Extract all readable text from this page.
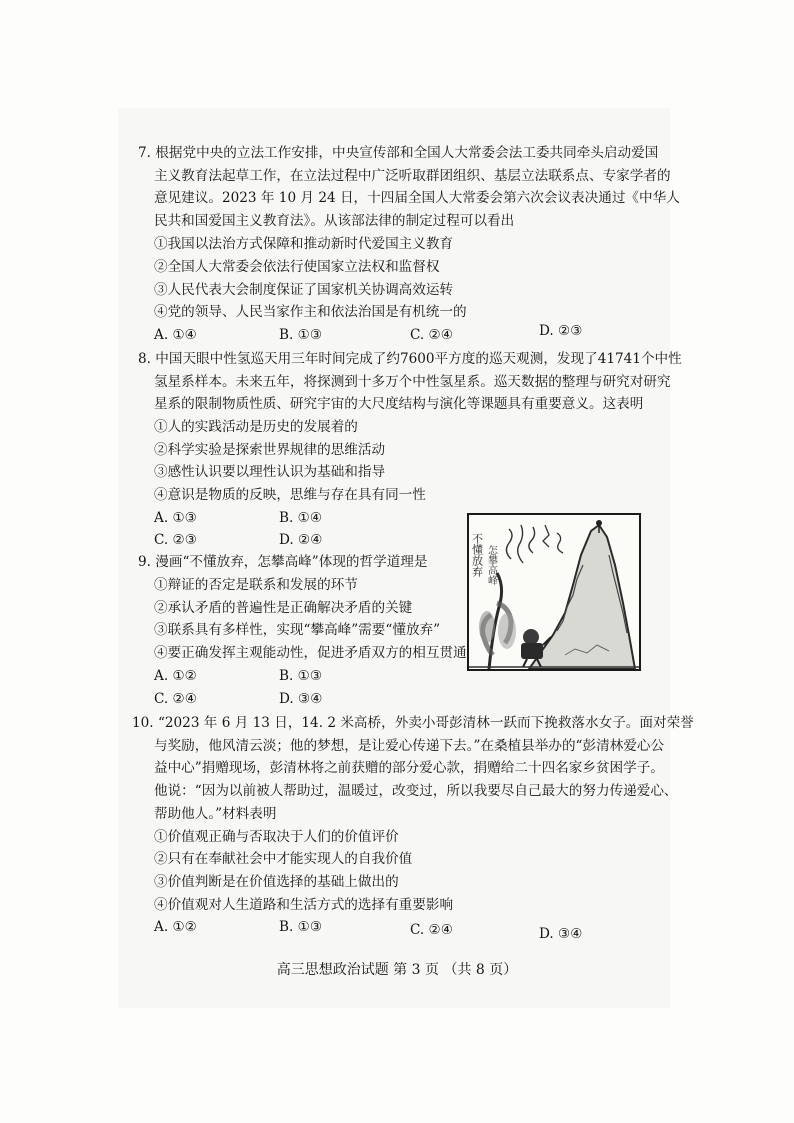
7. 根据党中央的立法工作安排，中央宣传部和全国人大常委会法工委共同牵头启动爱国
主义教育法起草工作，在立法过程中广泛听取群团组织、基层立法联系点、专家学者的
意见建议。2023 年 10 月 24 日，十四届全国人大常委会第六次会议表决通过《中华人
民共和国爱国主义教育法》。从该部法律的制定过程可以看出
①我国以法治方式保障和推动新时代爱国主义教育
②全国人大常委会依法行使国家立法权和监督权
③人民代表大会制度保证了国家机关协调高效运转
④党的领导、人民当家作主和依法治国是有机统一的
A. ①④	B. ①③	C. ②④	D. ②③
8. 中国天眼中性氢巡天用三年时间完成了约7600平方度的巡天观测，发现了41741个中性
氢星系样本。未来五年，将探测到十多万个中性氢星系。巡天数据的整理与研究对研究
星系的限制物质性质、研究宇宙的大尺度结构与演化等课题具有重要意义。这表明
①人的实践活动是历史的发展着的
②科学实验是探索世界规律的思维活动
③感性认识要以理性认识为基础和指导
④意识是物质的反映，思维与存在具有同一性
A. ①③	B. ①④
C. ②③	D. ②④
9. 漫画“不懂放弃，怎攀高峰”体现的哲学道理是
①辩证的否定是联系和发展的环节
②承认矛盾的普遍性是正确解决矛盾的关键
③联系具有多样性，实现“攀高峰”需要“懂放弃”
④要正确发挥主观能动性，促进矛盾双方的相互贯通
A. ①②	B. ①③
C. ②④	D. ③④
不懂放弃 怎攀高峰
10. “2023 年 6 月 13 日，14. 2 米高桥，外卖小哥彭清林一跃而下挽救落水女子。面对荣誉
与奖励，他风清云淡；他的梦想，是让爱心传递下去。”在桑植县举办的“彭清林爱心公
益中心”捐赠现场，彭清林将之前获赠的部分爱心款，捐赠给二十四名家乡贫困学子。
他说：“因为以前被人帮助过，温暖过，改变过，所以我要尽自己最大的努力传递爱心、
帮助他人。”材料表明
①价值观正确与否取决于人们的价值评价
②只有在奉献社会中才能实现人的自我价值
③价值判断是在价值选择的基础上做出的
④价值观对人生道路和生活方式的选择有重要影响
A. ①②	B. ①③	C. ②④	D. ③④
高三思想政治试题 第 3 页 （共 8 页）
